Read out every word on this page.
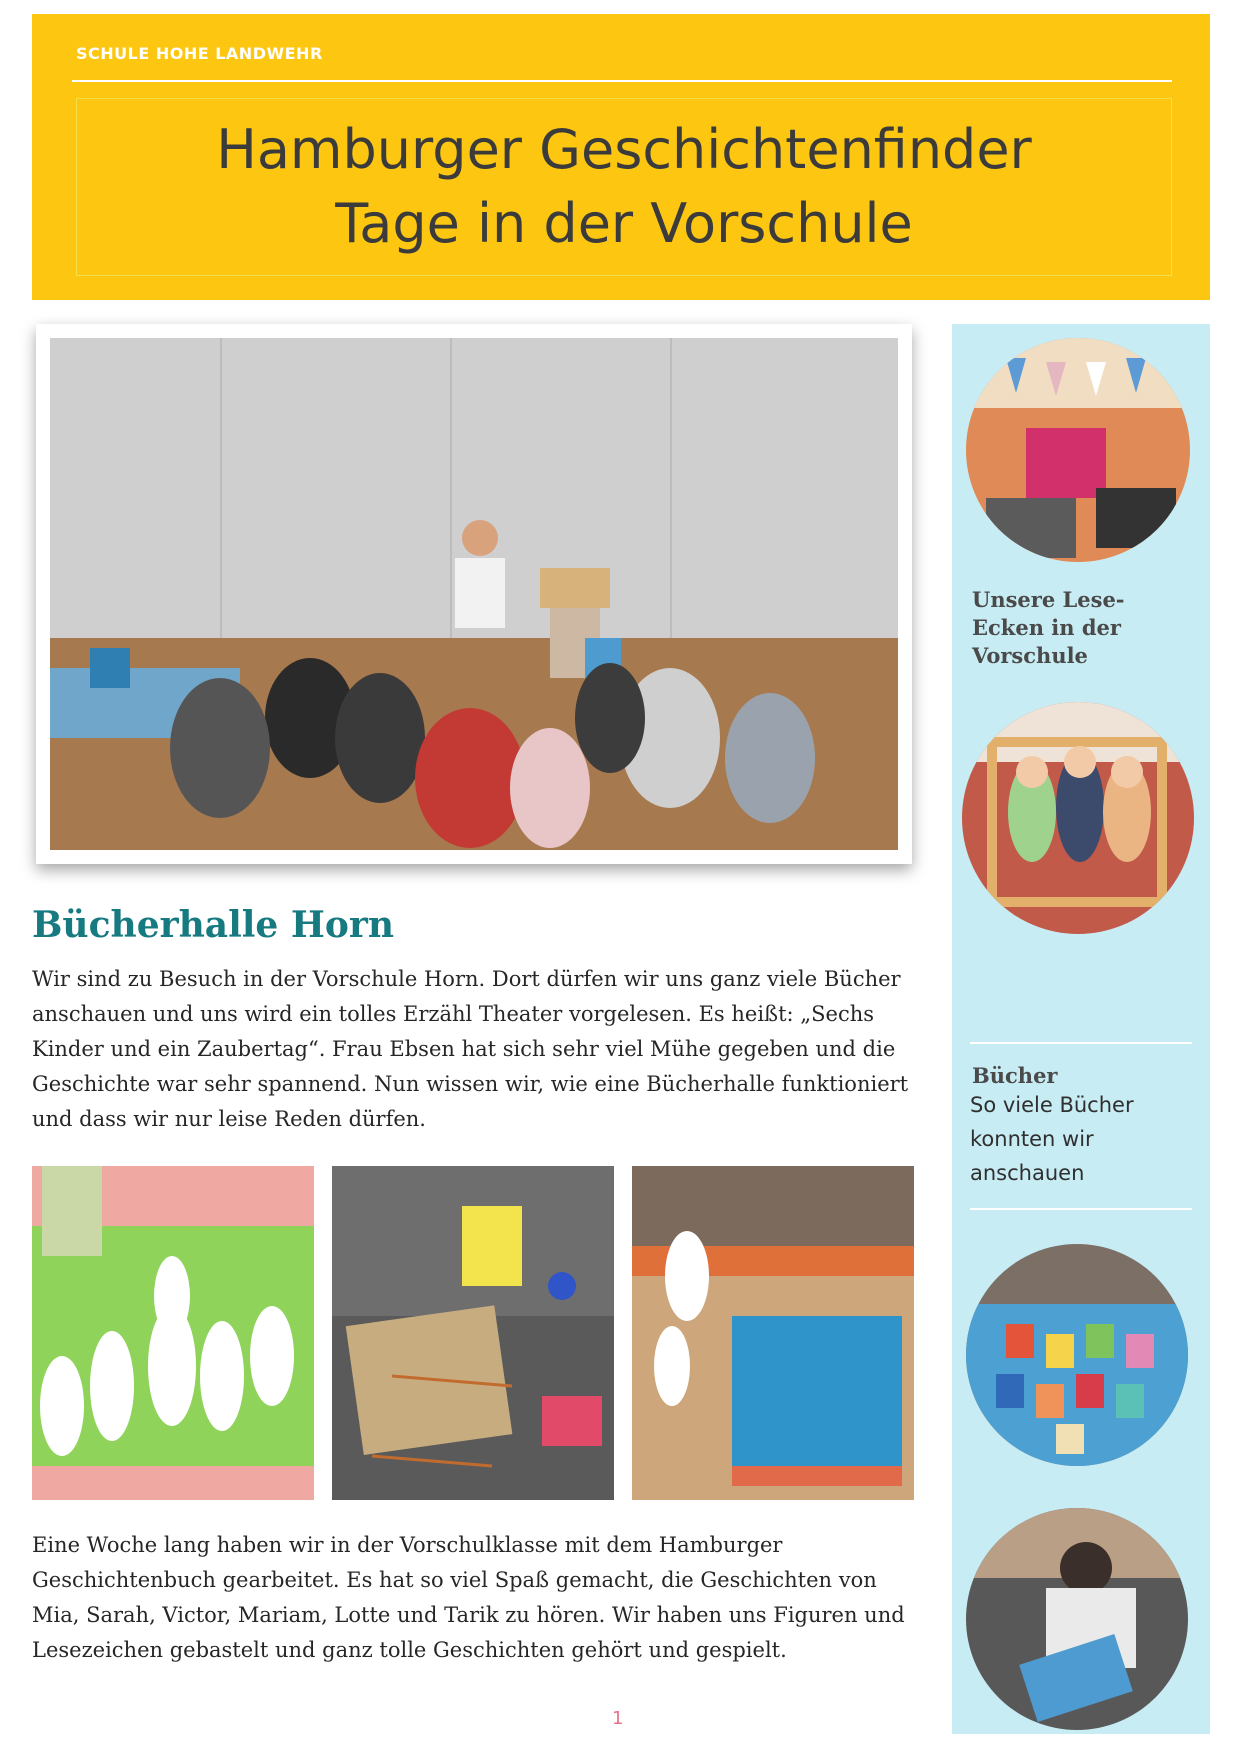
SCHULE HOHE LANDWEHR
Hamburger Geschichtenfinder
Tage in der Vorschule
Bücherhalle Horn
Wir sind zu Besuch in der Vorschule Horn. Dort dürfen wir uns ganz viele Bücher anschauen und uns wird ein tolles Erzähl Theater vorgelesen. Es heißt: „Sechs Kinder und ein Zaubertag“. Frau Ebsen hat sich sehr viel Mühe gegeben und die Geschichte war sehr spannend. Nun wissen wir, wie eine Bücherhalle funktioniert und dass wir nur leise Reden dürfen.
Eine Woche lang haben wir in der Vorschulklasse mit dem Hamburger Geschichtenbuch gearbeitet. Es hat so viel Spaß gemacht, die Geschichten von Mia, Sarah, Victor, Mariam, Lotte und Tarik zu hören. Wir haben uns Figuren und Lesezeichen gebastelt und ganz tolle Geschichten gehört und gespielt.
Unsere Lese-Ecken in der Vorschule
Bücher
So viele Bücher konnten wir anschauen
1
